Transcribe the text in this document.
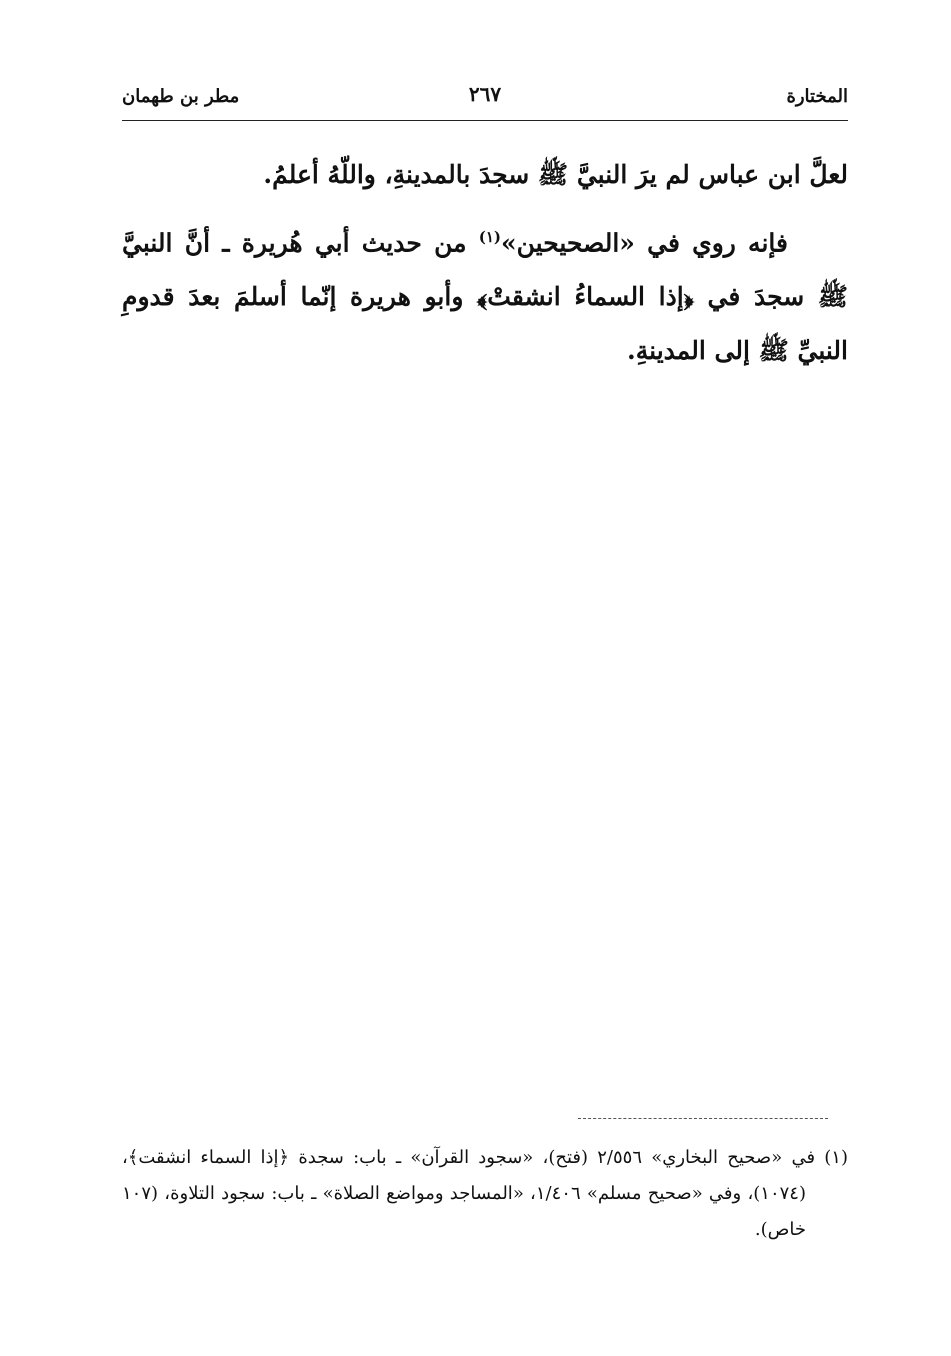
المختارة
٢٦٧
مطر بن طهمان

لعلَّ ابن عباس لم يرَ النبيَّ ﷺ سجدَ بالمدينةِ، واللّهُ أعلمُ.

فإنه روي في «الصحيحين»$^{(١)}$ من حديث أبي هُريرة ـ أنَّ النبيَّ ﷺ سجدَ في ﴿إذا السماءُ انشقتْ﴾ وأبو هريرة إنّما أسلمَ بعدَ قدومِ النبيِّ ﷺ إلى المدينةِ.

(١) في «صحيح البخاري» ٢/٥٥٦ (فتح)، «سجود القرآن» ـ باب: سجدة ﴿إذا السماء انشقت﴾، (١٠٧٤)، وفي «صحيح مسلم» ١/٤٠٦، «المساجد ومواضع الصلاة» ـ باب: سجود التلاوة، (١٠٧ خاص).
